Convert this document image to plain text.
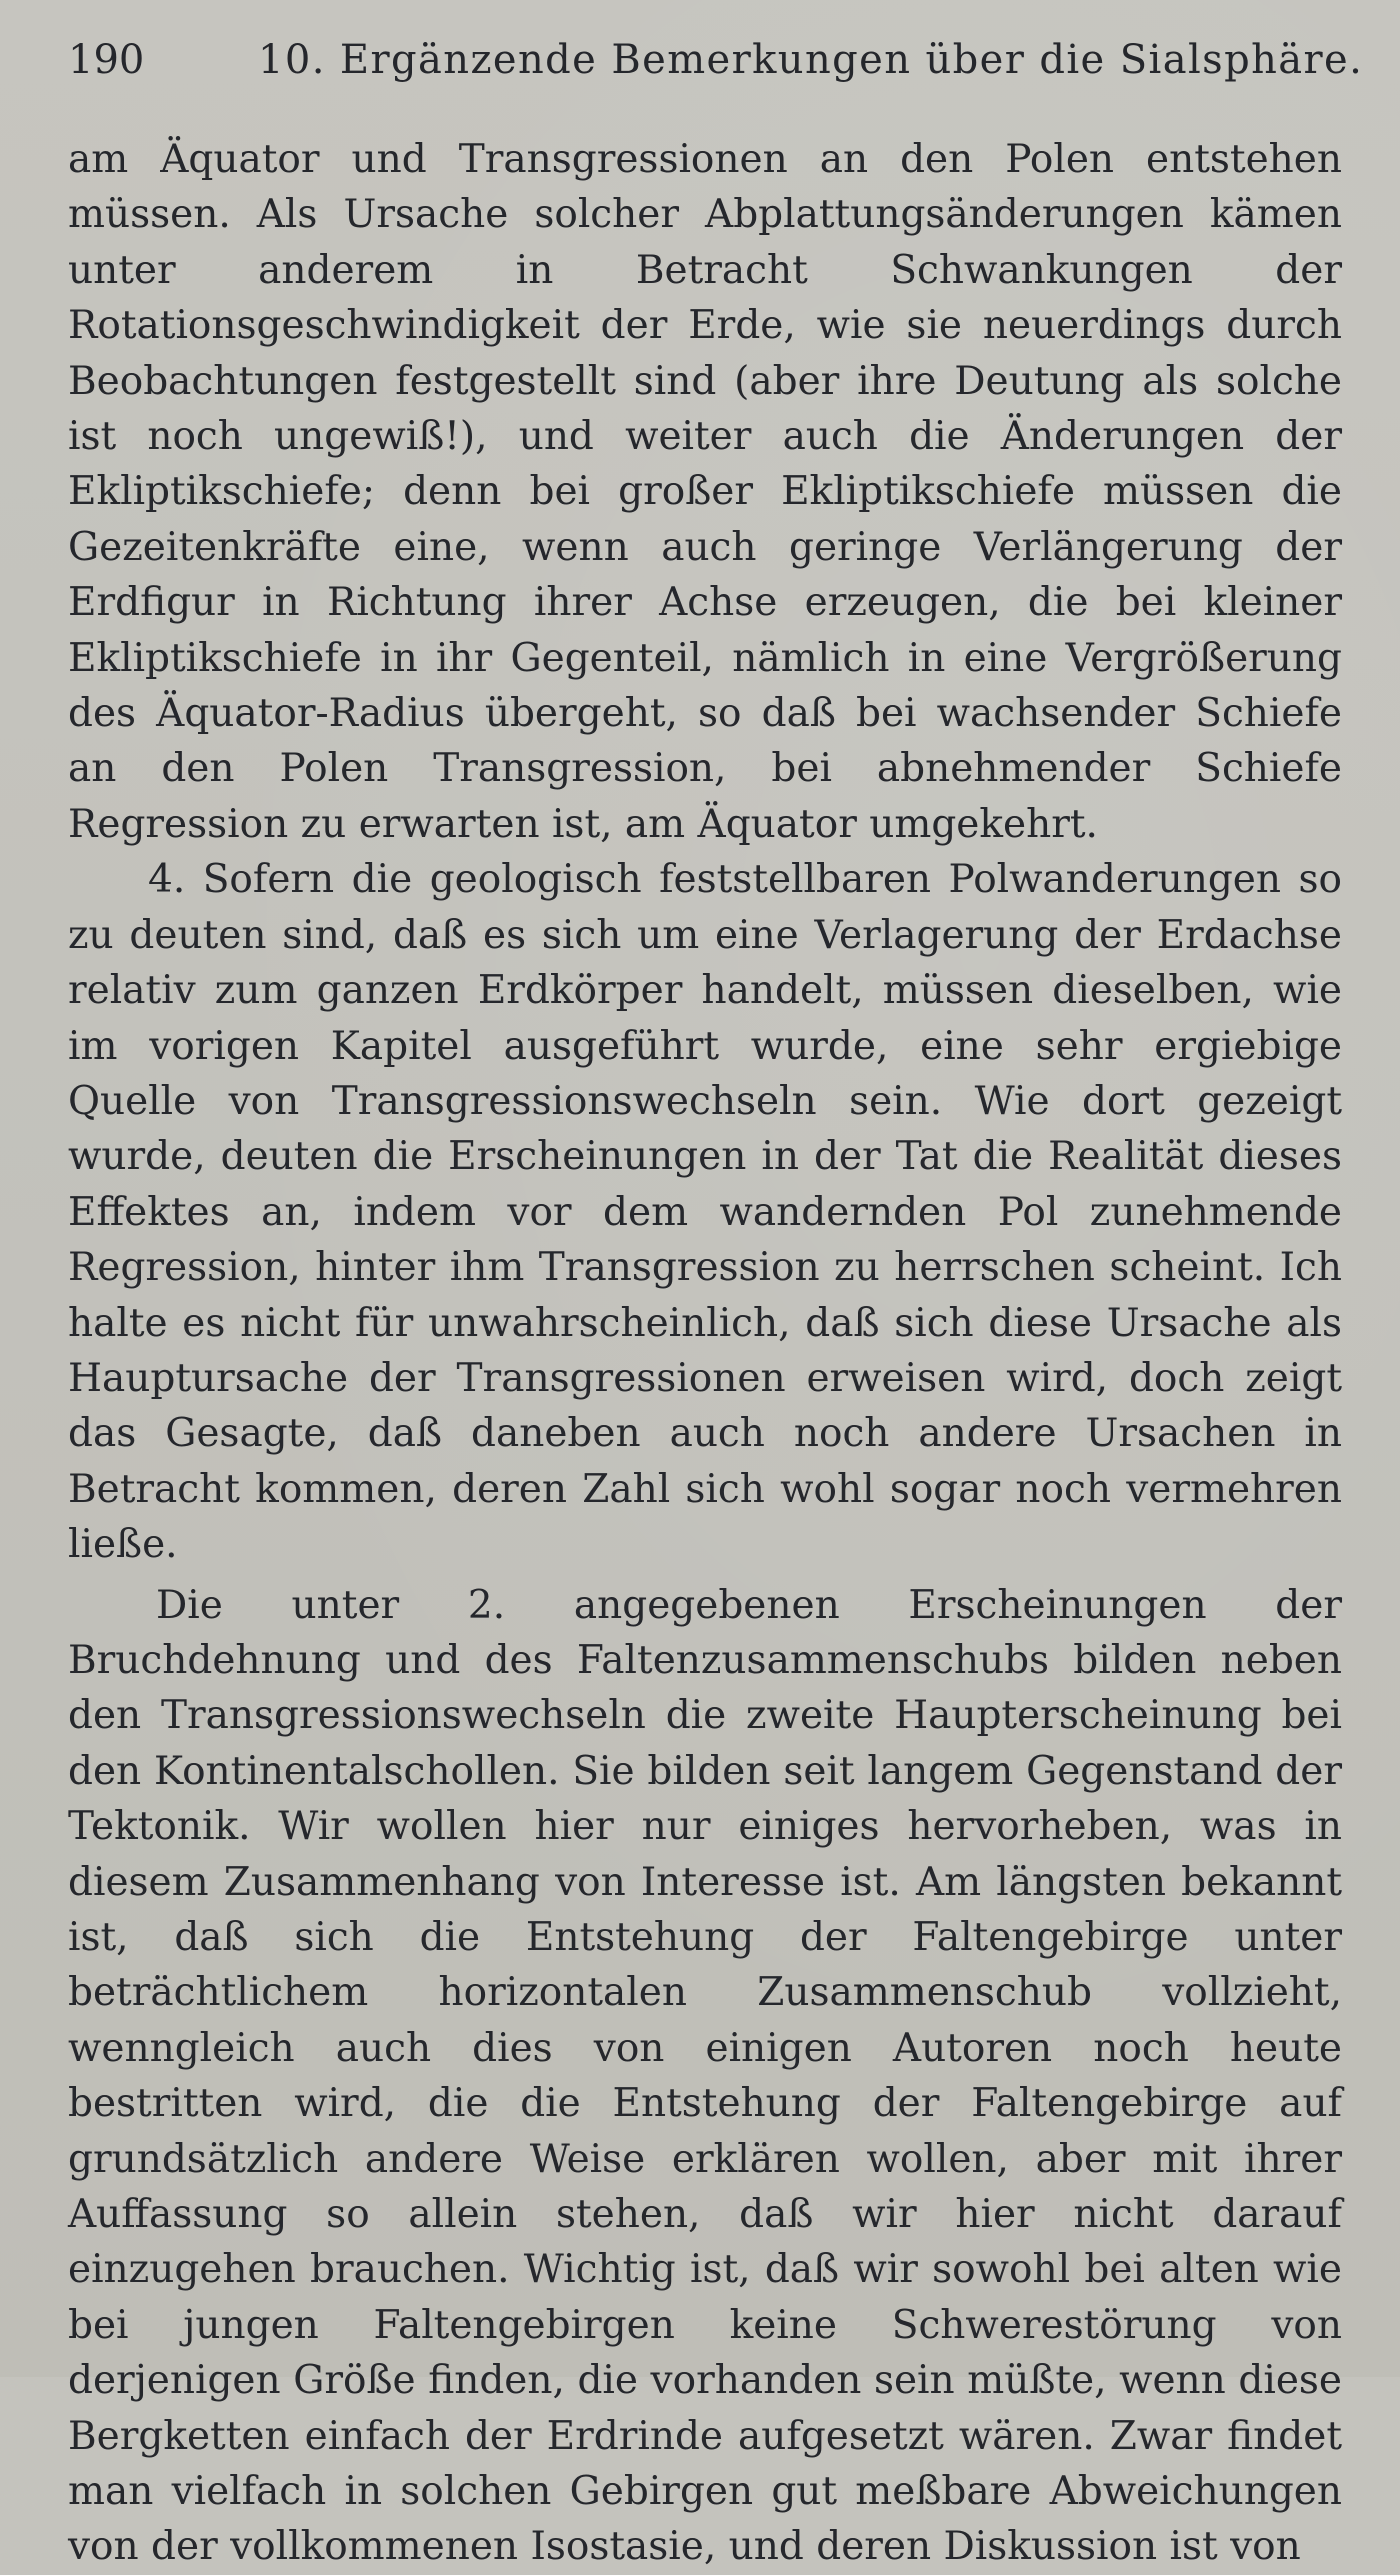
190	10. Ergänzende Bemerkungen über die Sialsphäre.

am Äquator und Transgressionen an den Polen entstehen müssen. Als Ursache solcher Abplattungsänderungen kämen unter anderem in Betracht Schwankungen der Rotationsgeschwindigkeit der Erde, wie sie neuerdings durch Beobachtungen festgestellt sind (aber ihre Deutung als solche ist noch ungewiß!), und weiter auch die Änderungen der Ekliptikschiefe; denn bei großer Ekliptikschiefe müssen die Gezeitenkräfte eine, wenn auch geringe Verlängerung der Erdfigur in Richtung ihrer Achse erzeugen, die bei kleiner Ekliptikschiefe in ihr Gegenteil, nämlich in eine Vergrößerung des Äquator-Radius übergeht, so daß bei wachsender Schiefe an den Polen Transgression, bei abnehmender Schiefe Regression zu erwarten ist, am Äquator umgekehrt.

4. Sofern die geologisch feststellbaren Polwanderungen so zu deuten sind, daß es sich um eine Verlagerung der Erdachse relativ zum ganzen Erdkörper handelt, müssen dieselben, wie im vorigen Kapitel ausgeführt wurde, eine sehr ergiebige Quelle von Transgressionswechseln sein. Wie dort gezeigt wurde, deuten die Erscheinungen in der Tat die Realität dieses Effektes an, indem vor dem wandernden Pol zunehmende Regression, hinter ihm Transgression zu herrschen scheint. Ich halte es nicht für unwahrscheinlich, daß sich diese Ursache als Hauptursache der Transgressionen erweisen wird, doch zeigt das Gesagte, daß daneben auch noch andere Ursachen in Betracht kommen, deren Zahl sich wohl sogar noch vermehren ließe.

Die unter 2. angegebenen Erscheinungen der Bruchdehnung und des Faltenzusammenschubs bilden neben den Transgressionswechseln die zweite Haupterscheinung bei den Kontinentalschollen. Sie bilden seit langem Gegenstand der Tektonik. Wir wollen hier nur einiges hervorheben, was in diesem Zusammenhang von Interesse ist. Am längsten bekannt ist, daß sich die Entstehung der Faltengebirge unter beträchtlichem horizontalen Zusammenschub vollzieht, wenngleich auch dies von einigen Autoren noch heute bestritten wird, die die Entstehung der Faltengebirge auf grundsätzlich andere Weise erklären wollen, aber mit ihrer Auffassung so allein stehen, daß wir hier nicht darauf einzugehen brauchen. Wichtig ist, daß wir sowohl bei alten wie bei jungen Faltengebirgen keine Schwerestörung von derjenigen Größe finden, die vorhanden sein müßte, wenn diese Bergketten einfach der Erdrinde aufgesetzt wären. Zwar findet man vielfach in solchen Gebirgen gut meßbare Abweichungen von der vollkommenen Isostasie, und deren Diskussion ist von
